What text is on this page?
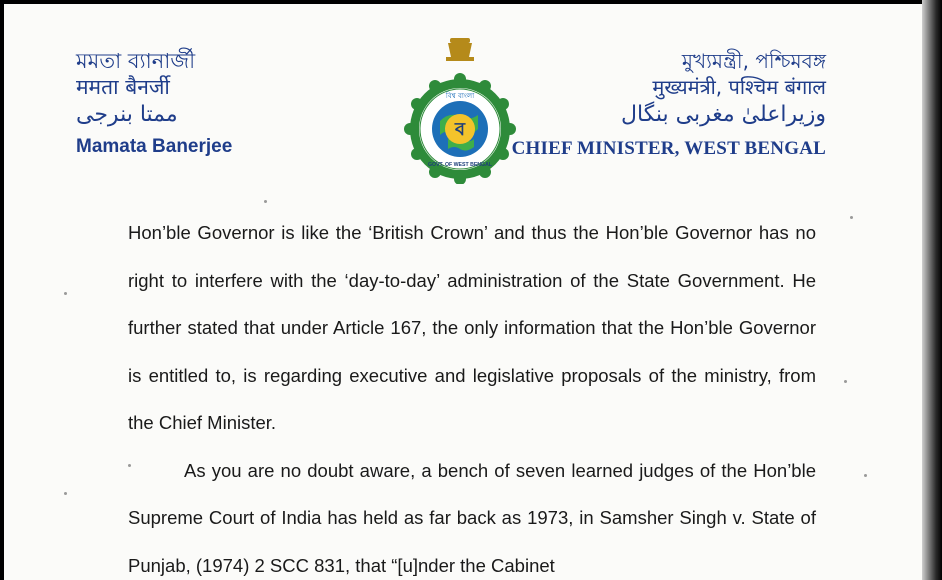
মমতা ব্যানার্জী
ममता बैनर्जी
ممتا بنرجی
Mamata Banerjee
ব
বিশ্ব বাংলা
GOVT. OF WEST BENGAL
মুখ্যমন্ত্রী, পশ্চিমবঙ্গ
मुख्यमंत्री, पश्चिम बंगाल
وزیراعلیٰ مغربی بنگال
CHIEF MINISTER, WEST BENGAL

Hon’ble Governor is like the ‘British Crown’ and thus the Hon’ble Governor has no right to interfere with the ‘day-to-day’ administration of the State Government. He further stated that under Article 167, the only information that the Hon’ble Governor is entitled to, is regarding executive and legislative proposals of the ministry, from the Chief Minister.

As you are no doubt aware, a bench of seven learned judges of the Hon’ble Supreme Court of India has held as far back as 1973, in Samsher Singh v. State of Punjab, (1974) 2 SCC 831, that “[u]nder the Cabinet
